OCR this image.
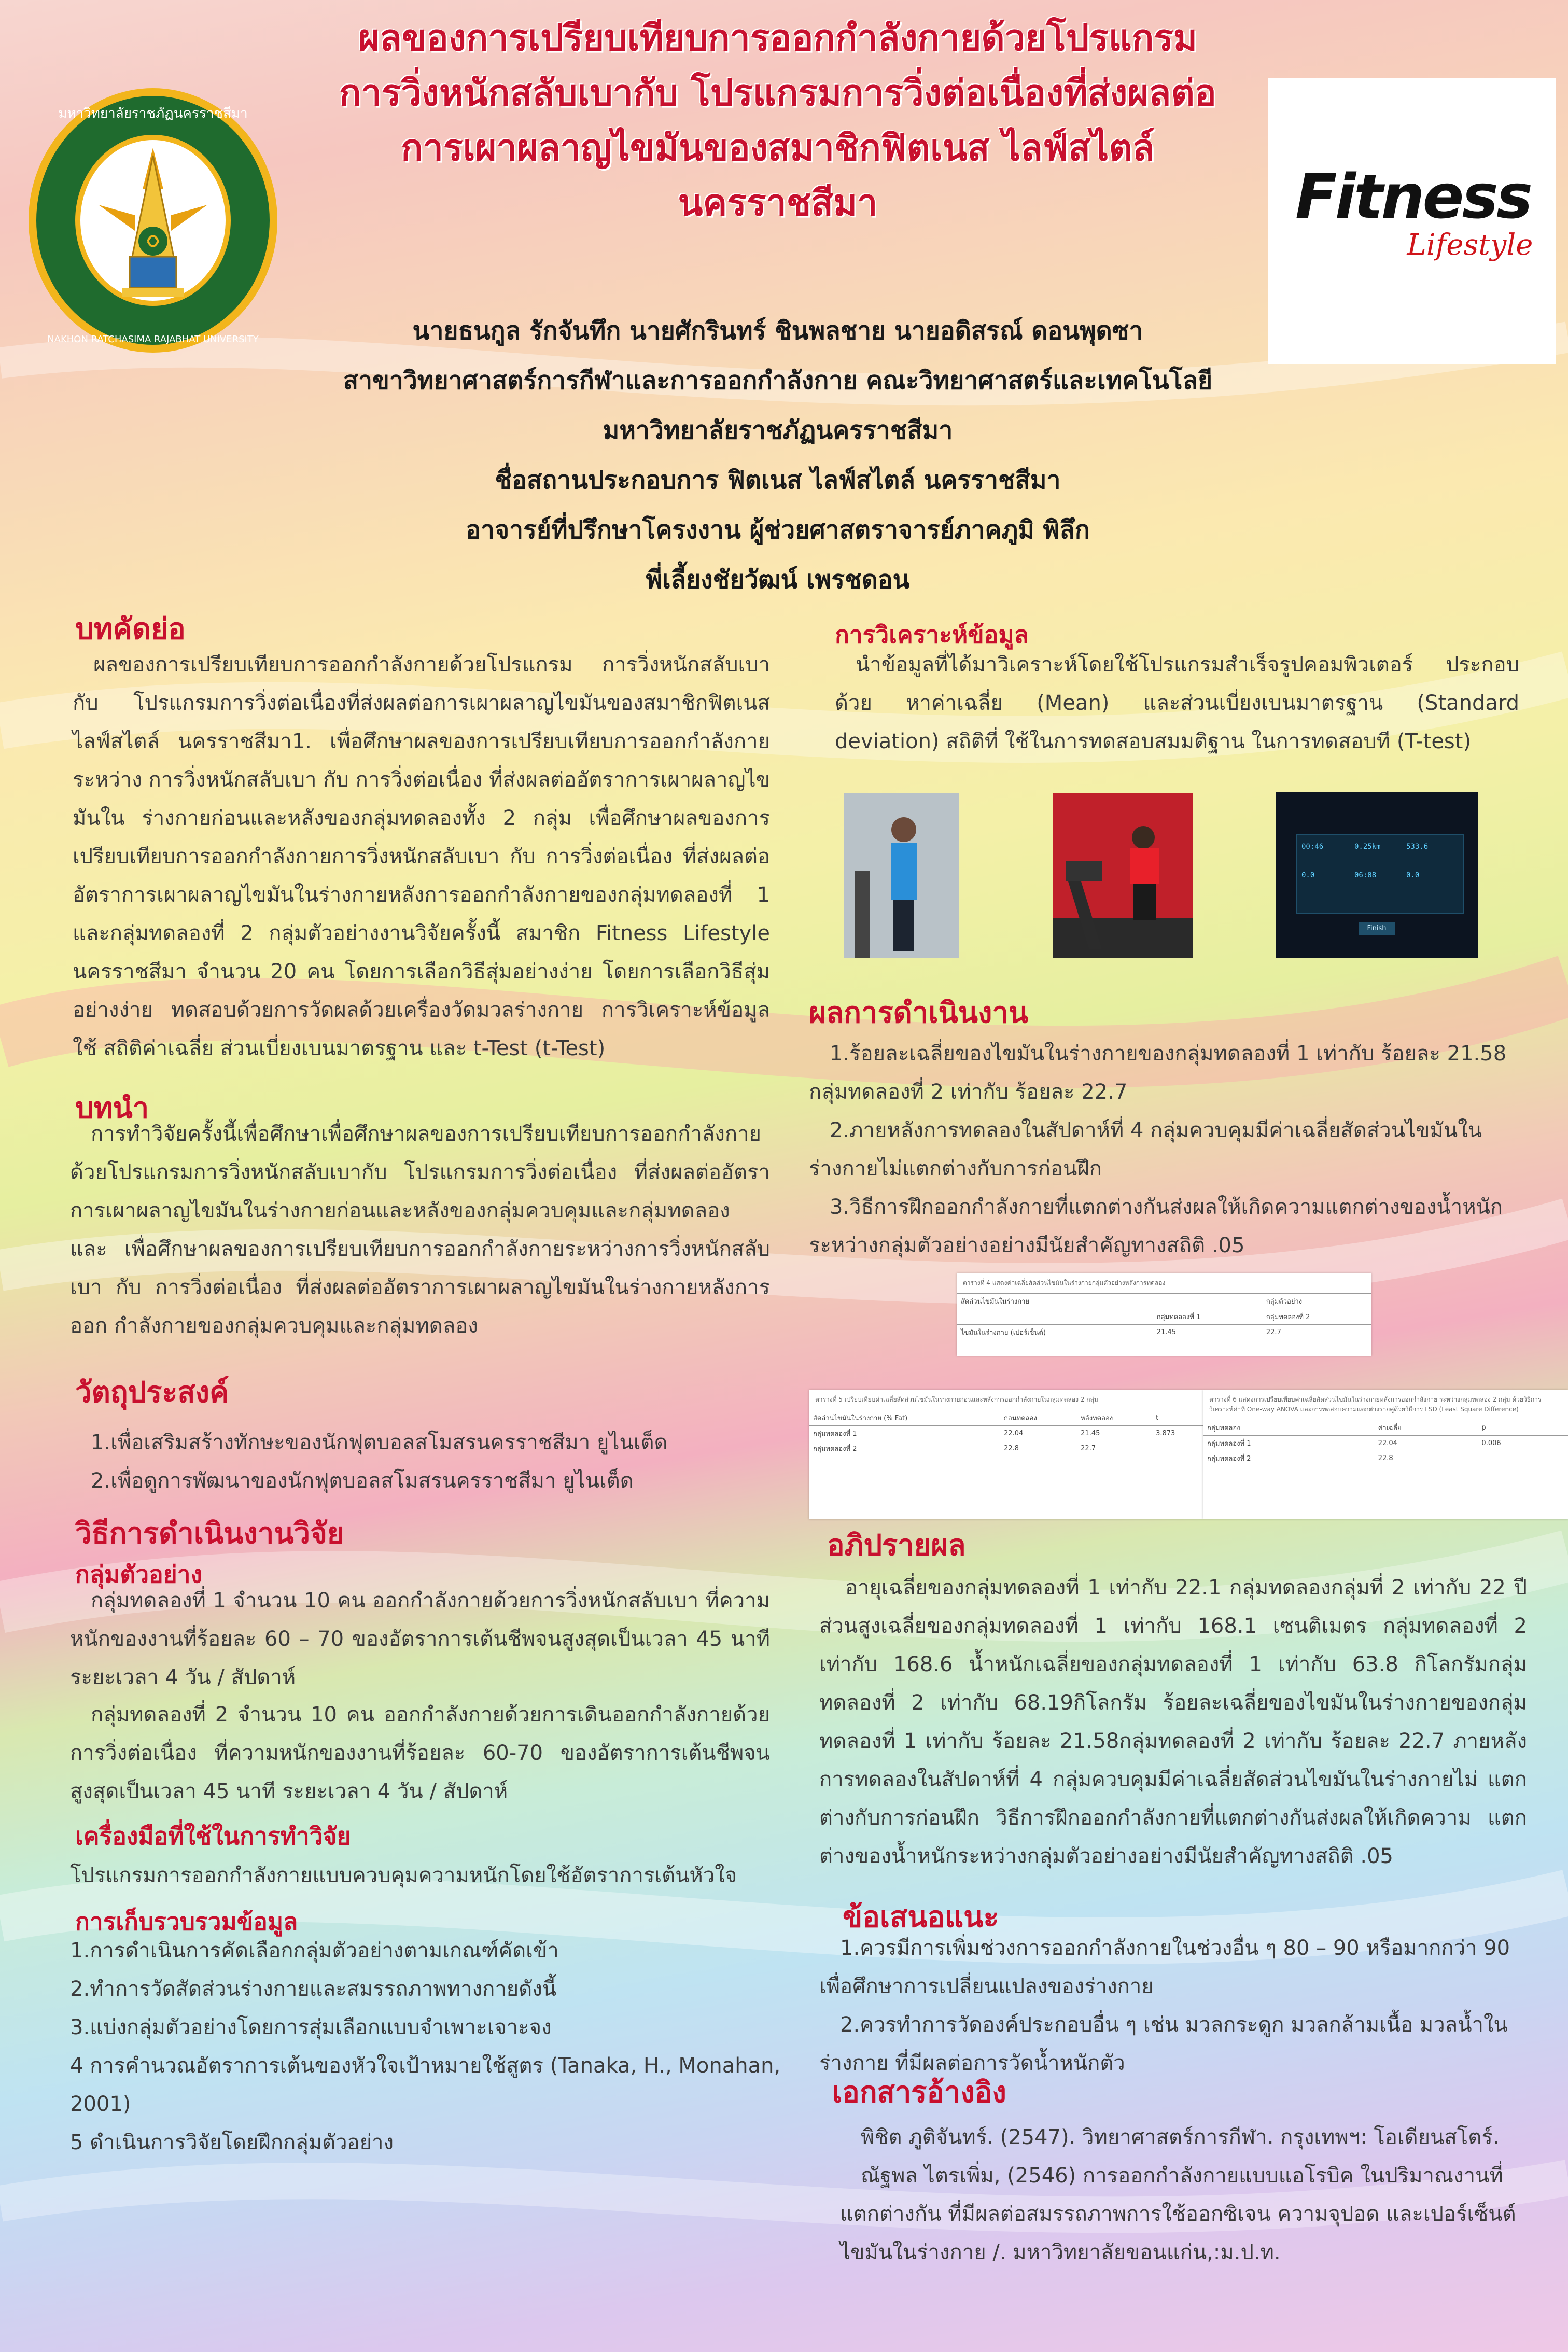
มหาวิทยาลัยราชภัฏนครราชสีมา
NAKHON RATCHASIMA RAJABHAT UNIVERSITY
Fitness
Lifestyle
ผลของการเปรียบเทียบการออกกำลังกายด้วยโปรแกรม
การวิ่งหนักสลับเบากับ โปรแกรมการวิ่งต่อเนื่องที่ส่งผลต่อ
การเผาผลาญไขมันของสมาชิกฟิตเนส ไลฟ์สไตล์
นครราชสีมา
นายธนกูล รักจันทึก นายศักรินทร์ ชินพลชาย นายอดิสรณ์ ดอนพุดซา
สาขาวิทยาศาสตร์การกีฬาและการออกกำลังกาย คณะวิทยาศาสตร์และเทคโนโลยี
มหาวิทยาลัยราชภัฏนครราชสีมา
ชื่อสถานประกอบการ ฟิตเนส ไลฟ์สไตล์ นครราชสีมา
อาจารย์ที่ปรึกษาโครงงาน ผู้ช่วยศาสตราจารย์ภาคภูมิ พิลึก
พี่เลี้ยงชัยวัฒน์ เพรชดอน
บทคัดย่อ
ผลของการเปรียบเทียบการออกกำลังกายด้วยโปรแกรม การวิ่งหนักสลับเบากับ โปรแกรมการวิ่งต่อเนื่องที่ส่งผลต่อการเผาผลาญไขมันของสมาชิกฟิตเนส ไลฟ์สไตล์ นครราชสีมา1. เพื่อศึกษาผลของการเปรียบเทียบการออกกำลังกายระหว่าง การวิ่งหนักสลับเบา กับ การวิ่งต่อเนื่อง ที่ส่งผลต่ออัตราการเผาผลาญไขมันใน ร่างกายก่อนและหลังของกลุ่มทดลองทั้ง 2 กลุ่ม เพื่อศึกษาผลของการ เปรียบเทียบการออกกำลังกายการวิ่งหนักสลับเบา กับ การวิ่งต่อเนื่อง ที่ส่งผลต่อ อัตราการเผาผลาญไขมันในร่างกายหลังการออกกำลังกายของกลุ่มทดลองที่ 1 และกลุ่มทดลองที่ 2 กลุ่มตัวอย่างงานวิจัยครั้งนี้ สมาชิก Fitness Lifestyle นครราชสีมา จำนวน 20 คน โดยการเลือกวิธีสุ่มอย่างง่าย โดยการเลือกวิธีสุ่ม อย่างง่าย ทดสอบด้วยการวัดผลด้วยเครื่องวัดมวลร่างกาย การวิเคราะห์ข้อมูลใช้ สถิติค่าเฉลี่ย ส่วนเบี่ยงเบนมาตรฐาน และ t-Test (t-Test)
บทนำ
การทำวิจัยครั้งนี้เพื่อศึกษาเพื่อศึกษาผลของการเปรียบเทียบการออกกำลังกาย ด้วยโปรแกรมการวิ่งหนักสลับเบากับ โปรแกรมการวิ่งต่อเนื่อง ที่ส่งผลต่ออัตรา การเผาผลาญไขมันในร่างกายก่อนและหลังของกลุ่มควบคุมและกลุ่มทดลอง และ เพื่อศึกษาผลของการเปรียบเทียบการออกกำลังกายระหว่างการวิ่งหนักสลับเบา กับ การวิ่งต่อเนื่อง ที่ส่งผลต่ออัตราการเผาผลาญไขมันในร่างกายหลังการออก กำลังกายของกลุ่มควบคุมและกลุ่มทดลอง
วัตถุประสงค์
1.เพื่อเสริมสร้างทักษะของนักฟุตบอลสโมสรนครราชสีมา ยูไนเต็ด
2.เพื่อดูการพัฒนาของนักฟุตบอลสโมสรนครราชสีมา ยูไนเต็ด
วิธีการดำเนินงานวิจัย
กลุ่มตัวอย่าง
กลุ่มทดลองที่ 1 จำนวน 10 คน ออกกำลังกายด้วยการวิ่งหนักสลับเบา ที่ความหนักของงานที่ร้อยละ 60 – 70 ของอัตราการเต้นชีพจนสูงสุดเป็นเวลา 45 นาที ระยะเวลา 4 วัน / สัปดาห์
กลุ่มทดลองที่ 2 จำนวน 10 คน ออกกำลังกายด้วยการเดินออกกำลังกายด้วย การวิ่งต่อเนื่อง ที่ความหนักของงานที่ร้อยละ 60-70 ของอัตราการเต้นชีพจน สูงสุดเป็นเวลา 45 นาที ระยะเวลา 4 วัน / สัปดาห์
เครื่องมือที่ใช้ในการทำวิจัย
โปรแกรมการออกกำลังกายแบบควบคุมความหนักโดยใช้อัตราการเต้นหัวใจ
การเก็บรวบรวมข้อมูล
1.การดำเนินการคัดเลือกกลุ่มตัวอย่างตามเกณฑ์คัดเข้า
2.ทำการวัดสัดส่วนร่างกายและสมรรถภาพทางกายดังนี้
3.แบ่งกลุ่มตัวอย่างโดยการสุ่มเลือกแบบจำเพาะเจาะจง
4 การคำนวณอัตราการเต้นของหัวใจเป้าหมายใช้สูตร (Tanaka, H., Monahan, 2001)
5 ดำเนินการวิจัยโดยฝึกกลุ่มตัวอย่าง
การวิเคราะห์ข้อมูล
นำข้อมูลที่ได้มาวิเคราะห์โดยใช้โปรแกรมสำเร็จรูปคอมพิวเตอร์ ประกอบด้วย หาค่าเฉลี่ย (Mean) และส่วนเบี่ยงเบนมาตรฐาน (Standard deviation) สถิติที่ ใช้ในการทดสอบสมมติฐาน ในการทดสอบที (T-test)
00:46	0.25km	533.6
0.0	06:08	0.0
Finish
ผลการดำเนินงาน
1.ร้อยละเฉลี่ยของไขมันในร่างกายของกลุ่มทดลองที่ 1 เท่ากับ ร้อยละ 21.58 กลุ่มทดลองที่ 2 เท่ากับ ร้อยละ 22.7
2.ภายหลังการทดลองในสัปดาห์ที่ 4 กลุ่มควบคุมมีค่าเฉลี่ยสัดส่วนไขมันใน ร่างกายไม่แตกต่างกับการก่อนฝึก
3.วิธีการฝึกออกกำลังกายที่แตกต่างกันส่งผลให้เกิดความแตกต่างของน้ำหนัก ระหว่างกลุ่มตัวอย่างอย่างมีนัยสำคัญทางสถิติ .05
ตารางที่ 4 แสดงค่าเฉลี่ยสัดส่วนไขมันในร่างกายกลุ่มตัวอย่างหลังการทดลอง
สัดส่วนไขมันในร่างกาย		กลุ่มตัวอย่าง
	กลุ่มทดลองที่ 1	กลุ่มทดลองที่ 2
ไขมันในร่างกาย (เปอร์เซ็นต์)	21.45	22.7
ตารางที่ 5 เปรียบเทียบค่าเฉลี่ยสัดส่วนไขมันในร่างกายก่อนและหลังการออกกำลังกายในกลุ่มทดลอง 2 กลุ่ม
สัดส่วนไขมันในร่างกาย (% Fat)	ก่อนทดลอง	หลังทดลอง	t
กลุ่มทดลองที่ 1	22.04	21.45	3.873
กลุ่มทดลองที่ 2	22.8	22.7	
ตารางที่ 6 แสดงการเปรียบเทียบค่าเฉลี่ยสัดส่วนไขมันในร่างกายหลังการออกกำลังกาย ระหว่างกลุ่มทดลอง 2 กลุ่ม ด้วยวิธีการวิเคราะห์ค่าที One-way ANOVA และการทดสอบความแตกต่างรายคู่ด้วยวิธีการ LSD (Least Square Difference)
กลุ่มทดลอง	ค่าเฉลี่ย	p
กลุ่มทดลองที่ 1	22.04	0.006
กลุ่มทดลองที่ 2	22.8	
อภิปรายผล
อายุเฉลี่ยของกลุ่มทดลองที่ 1 เท่ากับ 22.1 กลุ่มทดลองกลุ่มที่ 2 เท่ากับ 22 ปี ส่วนสูงเฉลี่ยของกลุ่มทดลองที่ 1 เท่ากับ 168.1 เซนติเมตร กลุ่มทดลองที่ 2 เท่ากับ 168.6 น้ำหนักเฉลี่ยของกลุ่มทดลองที่ 1 เท่ากับ 63.8 กิโลกรัมกลุ่ม ทดลองที่ 2 เท่ากับ 68.19กิโลกรัม ร้อยละเฉลี่ยของไขมันในร่างกายของกลุ่ม ทดลองที่ 1 เท่ากับ ร้อยละ 21.58กลุ่มทดลองที่ 2 เท่ากับ ร้อยละ 22.7 ภายหลัง การทดลองในสัปดาห์ที่ 4 กลุ่มควบคุมมีค่าเฉลี่ยสัดส่วนไขมันในร่างกายไม่ แตกต่างกับการก่อนฝึก วิธีการฝึกออกกำลังกายที่แตกต่างกันส่งผลให้เกิดความ แตกต่างของน้ำหนักระหว่างกลุ่มตัวอย่างอย่างมีนัยสำคัญทางสถิติ .05
ข้อเสนอแนะ
1.ควรมีการเพิ่มช่วงการออกกำลังกายในช่วงอื่น ๆ 80 – 90 หรือมากกว่า 90 เพื่อศึกษาการเปลี่ยนแปลงของร่างกาย
2.ควรทำการวัดองค์ประกอบอื่น ๆ เช่น มวลกระดูก มวลกล้ามเนื้อ มวลน้ำใน ร่างกาย ที่มีผลต่อการวัดน้ำหนักตัว
เอกสารอ้างอิง
พิชิต ภูติจันทร์. (2547). วิทยาศาสตร์การกีฬา. กรุงเทพฯ: โอเดียนสโตร์.
ณัฐพล ไตรเพิ่ม, (2546) การออกกำลังกายแบบแอโรบิค ในปริมาณงานที่ แตกต่างกัน ที่มีผลต่อสมรรถภาพการใช้ออกซิเจน ความจุปอด และเปอร์เซ็นต์ ไขมันในร่างกาย /. มหาวิทยาลัยขอนแก่น,:ม.ป.ท.
